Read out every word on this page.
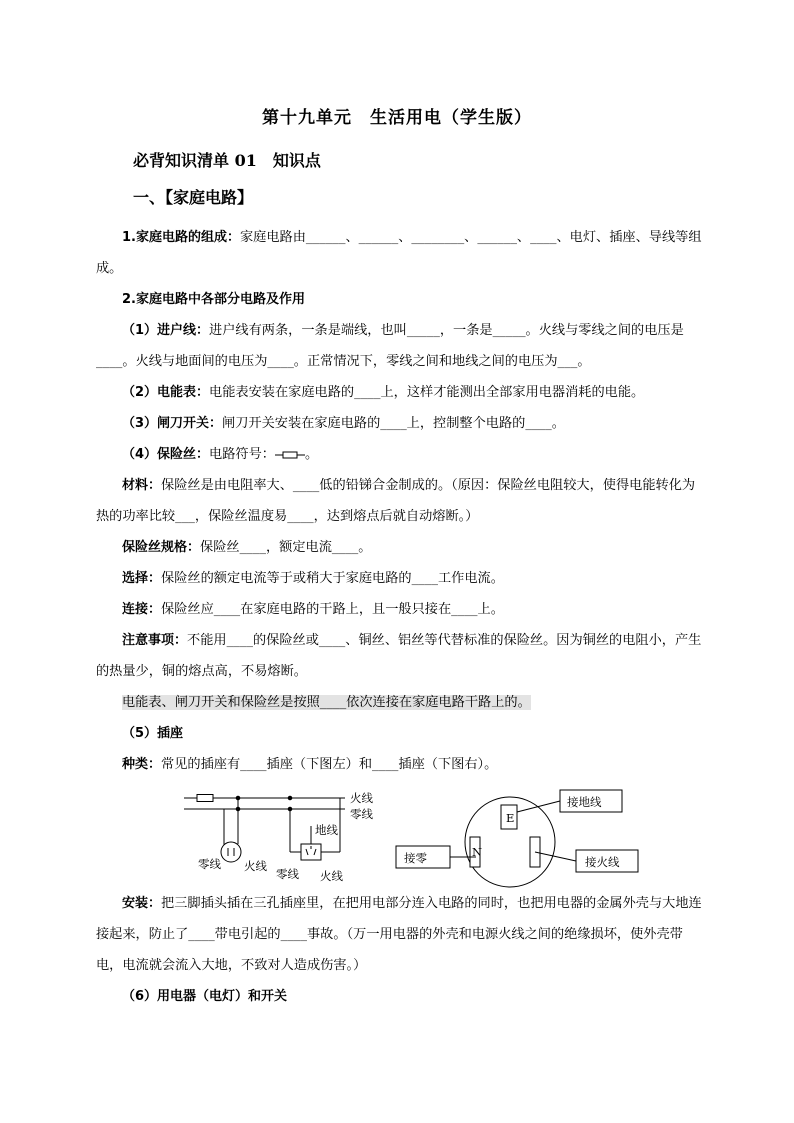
第十九单元　生活用电（学生版）
必背知识清单 01　知识点
一、【家庭电路】
1.家庭电路的组成：家庭电路由______、______、________、______、____、电灯、插座、导线等组成。
2.家庭电路中各部分电路及作用
（1）进户线：进户线有两条，一条是端线，也叫_____，一条是_____。火线与零线之间的电压是____。火线与地面间的电压为____。正常情况下，零线之间和地线之间的电压为___。
（2）电能表：电能表安装在家庭电路的____上，这样才能测出全部家用电器消耗的电能。
（3）闸刀开关：闸刀开关安装在家庭电路的____上，控制整个电路的____。
（4）保险丝：电路符号： 。
材料：保险丝是由电阻率大、____低的铅锑合金制成的。（原因：保险丝电阻较大，使得电能转化为热的功率比较___，保险丝温度易____，达到熔点后就自动熔断。）
保险丝规格：保险丝____，额定电流____。
选择：保险丝的额定电流等于或稍大于家庭电路的____工作电流。
连接：保险丝应____在家庭电路的干路上，且一般只接在____上。
注意事项：不能用____的保险丝或____、铜丝、铝丝等代替标准的保险丝。因为铜丝的电阻小，产生的热量少，铜的熔点高，不易熔断。
电能表、闸刀开关和保险丝是按照____依次连接在家庭电路干路上的。
（5）插座
种类：常见的插座有____插座（下图左）和____插座（下图右）。
火线
零线
地线
零线 火线
零线 火线
E
N
接地线
接零	接火线
安装：把三脚插头插在三孔插座里，在把用电部分连入电路的同时，也把用电器的金属外壳与大地连接起来，防止了____带电引起的____事故。（万一用电器的外壳和电源火线之间的绝缘损坏，使外壳带电，电流就会流入大地，不致对人造成伤害。）
（6）用电器（电灯）和开关
